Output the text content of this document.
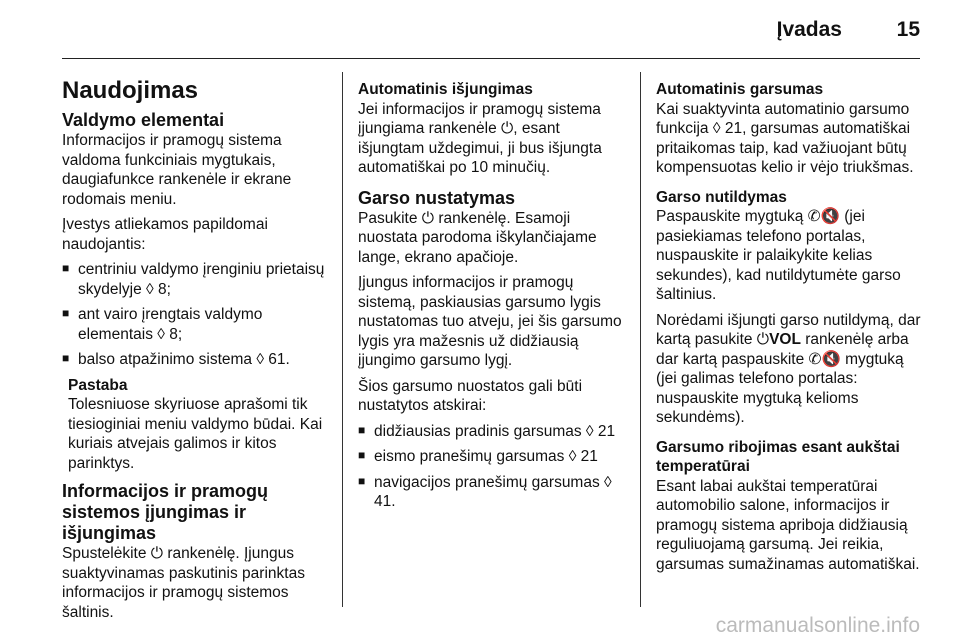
Įvadas	15
Naudojimas
Valdymo elementai

Informacijos ir pramogų sistema valdoma funkciniais mygtukais, daugiafunkce rankenėle ir ekrane rodomais meniu.

Įvestys atliekamos papildomai naudojantis:

■ centriniu valdymo įrenginiu prietaisų skydelyje ◊ 8;
■ ant vairo įrengtais valdymo elementais ◊ 8;
■ balso atpažinimo sistema ◊ 61.
Pastaba

Tolesniuose skyriuose aprašomi tik tiesioginiai meniu valdymo būdai. Kai kuriais atvejais galimos ir kitos parinktys.

Informacijos ir pramogų sistemos įjungimas ir išjungimas

Spustelėkite ⏻ rankenėlę. Įjungus suaktyvinamas paskutinis parinktas informacijos ir pramogų sistemos šaltinis.

Automatinis išjungimas

Jei informacijos ir pramogų sistema įjungiama rankenėle ⏻, esant išjungtam uždegimui, ji bus išjungta automatiškai po 10 minučių.

Garso nustatymas

Pasukite ⏻ rankenėlę. Esamoji nuostata parodoma iškylančiajame lange, ekrano apačioje.

Įjungus informacijos ir pramogų sistemą, paskiausias garsumo lygis nustatomas tuo atveju, jei šis garsumo lygis yra mažesnis už didžiausią įjungimo garsumo lygį.

Šios garsumo nuostatos gali būti nustatytos atskirai:

■ didžiausias pradinis garsumas ◊ 21
■ eismo pranešimų garsumas ◊ 21
■ navigacijos pranešimų garsumas ◊ 41.
Automatinis garsumas

Kai suaktyvinta automatinio garsumo funkcija ◊ 21, garsumas automatiškai pritaikomas taip, kad važiuojant būtų kompensuotas kelio ir vėjo triukšmas.

Garso nutildymas

Paspauskite mygtuką ✆🔇 (jei pasiekiamas telefono portalas, nuspauskite ir palaikykite kelias sekundes), kad nutildytumėte garso šaltinius.

Norėdami išjungti garso nutildymą, dar kartą pasukite ⏻VOL rankenėlę arba dar kartą paspauskite ✆🔇 mygtuką (jei galimas telefono portalas: nuspauskite mygtuką kelioms sekundėms).

Garsumo ribojimas esant aukštai temperatūrai

Esant labai aukštai temperatūrai automobilio salone, informacijos ir pramogų sistema apriboja didžiausią reguliuojamą garsumą. Jei reikia, garsumas sumažinamas automatiškai.

carmanualsonline.info
